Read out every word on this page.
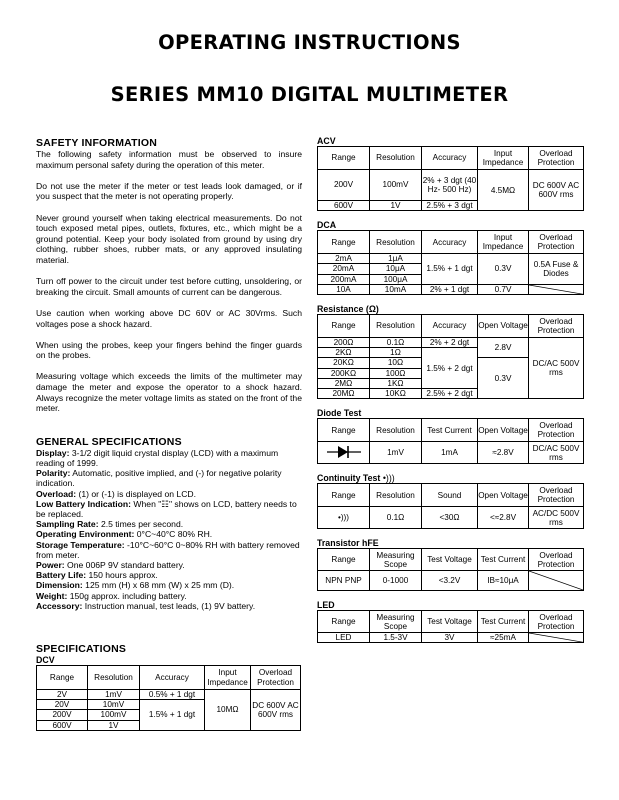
OPERATING INSTRUCTIONS
SERIES MM10 DIGITAL MULTIMETER
SAFETY INFORMATION

The following safety information must be observed to insure maximum personal safety during the operation of this meter.

Do not use the meter if the meter or test leads look damaged, or if you suspect that the meter is not operating properly.

Never ground yourself when taking electrical measurements. Do not touch exposed metal pipes, outlets, fixtures, etc., which might be a ground potential. Keep your body isolated from ground by using dry clothing, rubber shoes, rubber mats, or any approved insulating material.

Turn off power to the circuit under test before cutting, unsoldering, or breaking the circuit. Small amounts of current can be dangerous.

Use caution when working above DC 60V or AC 30Vrms. Such voltages pose a shock hazard.

When using the probes, keep your fingers behind the finger guards on the probes.

Measuring voltage which exceeds the limits of the multimeter may damage the meter and expose the operator to a shock hazard. Always recognize the meter voltage limits as stated on the front of the meter.

GENERAL SPECIFICATIONS
Display: 3-1/2 digit liquid crystal display (LCD) with a maximum reading of 1999.
Polarity: Automatic, positive implied, and (-) for negative polarity indication.
Overload: (1) or (-1) is displayed on LCD.
Low Battery Indication: When "☷" shows on LCD, battery needs to be replaced.
Sampling Rate: 2.5 times per second.
Operating Environment: 0°C~40°C 80% RH.
Storage Temperature: -10°C~60°C 0~80% RH with battery removed from meter.
Power: One 006P 9V standard battery.
Battery Life: 150 hours approx.
Dimension: 125 mm (H) x 68 mm (W) x 25 mm (D).
Weight: 150g approx. including battery.
Accessory: Instruction manual, test leads, (1) 9V battery.
SPECIFICATIONS
DCV
Range	Resolution	Accuracy	Input Impedance	Overload Protection
2V	1mV	0.5% + 1 dgt	10MΩ	DC 600V AC 600V rms
20V	10mV	1.5% + 1 dgt		
200V	100mV			
600V	1V			
ACV
Range	Resolution	Accuracy	Input Impedance	Overload Protection
200V	100mV	2% + 3 dgt (40 Hz- 500 Hz)	4.5MΩ	DC 600V AC 600V rms
600V	1V	2.5% + 3 dgt		
DCA
Range	Resolution	Accuracy	Input Impedance	Overload Protection
2mA	1μA	1.5% + 1 dgt	0.3V	0.5A Fuse & Diodes
20mA	10μA			
200mA	100μA			
10A	10mA	2% + 1 dgt	0.7V	
Resistance (Ω)
Range	Resolution	Accuracy	Open Voltage	Overload Protection
200Ω	0.1Ω	2% + 2 dgt	2.8V	DC/AC 500V rms
2KΩ	1Ω	1.5% + 2 dgt		
20KΩ	10Ω		0.3V	
200KΩ	100Ω			
2MΩ	1KΩ			
20MΩ	10KΩ	2.5% + 2 dgt		
Diode Test
Range	Resolution	Test Current	Open Voltage	Overload Protection
	1mV	1mA	≈2.8V	DC/AC 500V rms
Continuity Test •)))
Range	Resolution	Sound	Open Voltage	Overload Protection
•)))	0.1Ω	<30Ω	<≈2.8V	AC/DC 500V rms
Transistor hFE
Range	Measuring Scope	Test Voltage	Test Current	Overload Protection
NPN PNP	0-1000	<3.2V	IB≈10μA	
LED
Range	Measuring Scope	Test Voltage	Test Current	Overload Protection
LED	1.5-3V	3V	≈25mA	
